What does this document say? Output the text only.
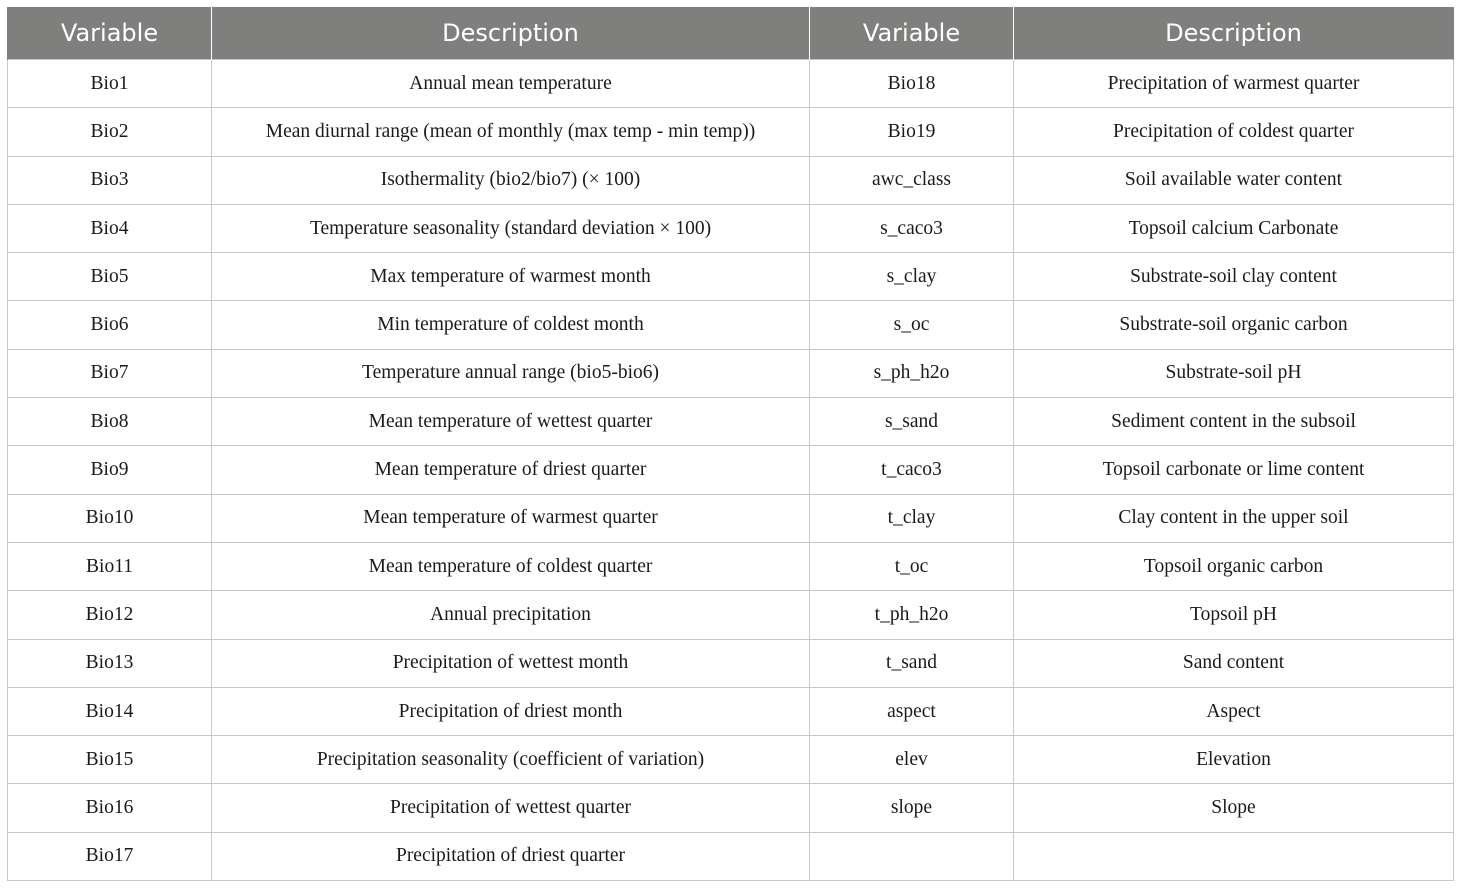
Variable	Description	Variable	Description
Bio1	Annual mean temperature	Bio18	Precipitation of warmest quarter
Bio2	Mean diurnal range (mean of monthly (max temp - min temp))	Bio19	Precipitation of coldest quarter
Bio3	Isothermality (bio2/bio7) (× 100)	awc_class	Soil available water content
Bio4	Temperature seasonality (standard deviation × 100)	s_caco3	Topsoil calcium Carbonate
Bio5	Max temperature of warmest month	s_clay	Substrate-soil clay content
Bio6	Min temperature of coldest month	s_oc	Substrate-soil organic carbon
Bio7	Temperature annual range (bio5-bio6)	s_ph_h2o	Substrate-soil pH
Bio8	Mean temperature of wettest quarter	s_sand	Sediment content in the subsoil
Bio9	Mean temperature of driest quarter	t_caco3	Topsoil carbonate or lime content
Bio10	Mean temperature of warmest quarter	t_clay	Clay content in the upper soil
Bio11	Mean temperature of coldest quarter	t_oc	Topsoil organic carbon
Bio12	Annual precipitation	t_ph_h2o	Topsoil pH
Bio13	Precipitation of wettest month	t_sand	Sand content
Bio14	Precipitation of driest month	aspect	Aspect
Bio15	Precipitation seasonality (coefficient of variation)	elev	Elevation
Bio16	Precipitation of wettest quarter	slope	Slope
Bio17	Precipitation of driest quarter		
